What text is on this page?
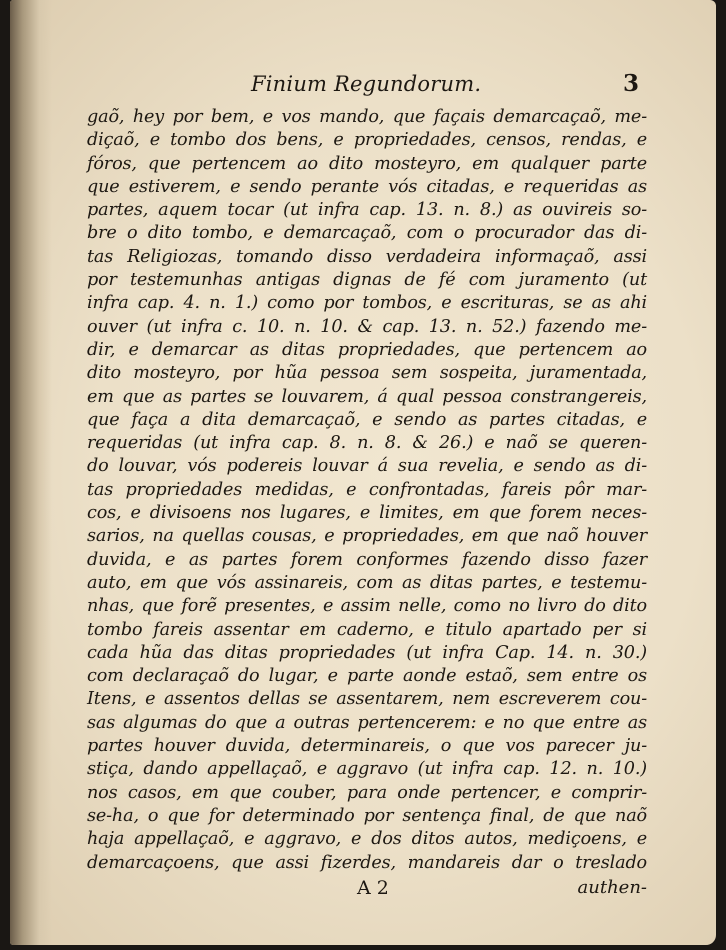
Finium Regundorum.	3
gaõ, hey por bem, e vos mando, que façais demarcaçaõ, me-
diçaõ, e tombo dos bens, e propriedades, censos, rendas, e
fóros, que pertencem ao dito mosteyro, em qualquer parte
que estiverem, e sendo perante vós citadas, e requeridas as
partes, aquem tocar (ut infra cap. 13. n. 8.) as ouvireis so-
bre o dito tombo, e demarcaçaõ, com o procurador das di-
tas Religiozas, tomando disso verdadeira informaçaõ, assi
por testemunhas antigas dignas de fé com juramento (ut
infra cap. 4. n. 1.) como por tombos, e escrituras, se as ahi
ouver (ut infra c. 10. n. 10. & cap. 13. n. 52.) fazendo me-
dir, e demarcar as ditas propriedades, que pertencem ao
dito mosteyro, por hũa pessoa sem sospeita, juramentada,
em que as partes se louvarem, á qual pessoa constrangereis,
que faça a dita demarcaçaõ, e sendo as partes citadas, e
requeridas (ut infra cap. 8. n. 8. & 26.) e naõ se queren-
do louvar, vós podereis louvar á sua revelia, e sendo as di-
tas propriedades medidas, e confrontadas, fareis pôr mar-
cos, e divisoens nos lugares, e limites, em que forem neces-
sarios, na quellas cousas, e propriedades, em que naõ houver
duvida, e as partes forem conformes fazendo disso fazer
auto, em que vós assinareis, com as ditas partes, e testemu-
nhas, que forẽ presentes, e assim nelle, como no livro do dito
tombo fareis assentar em caderno, e titulo apartado per si
cada hũa das ditas propriedades (ut infra Cap. 14. n. 30.)
com declaraçaõ do lugar, e parte aonde estaõ, sem entre os
Itens, e assentos dellas se assentarem, nem escreverem cou-
sas algumas do que a outras pertencerem: e no que entre as
partes houver duvida, determinareis, o que vos parecer ju-
stiça, dando appellaçaõ, e aggravo (ut infra cap. 12. n. 10.)
nos casos, em que couber, para onde pertencer, e comprir-
se-ha, o que for determinado por sentença final, de que naõ
haja appellaçaõ, e aggravo, e dos ditos autos, mediçoens, e
demarcaçoens, que assi fizerdes, mandareis dar o treslado
A 2	authen-
